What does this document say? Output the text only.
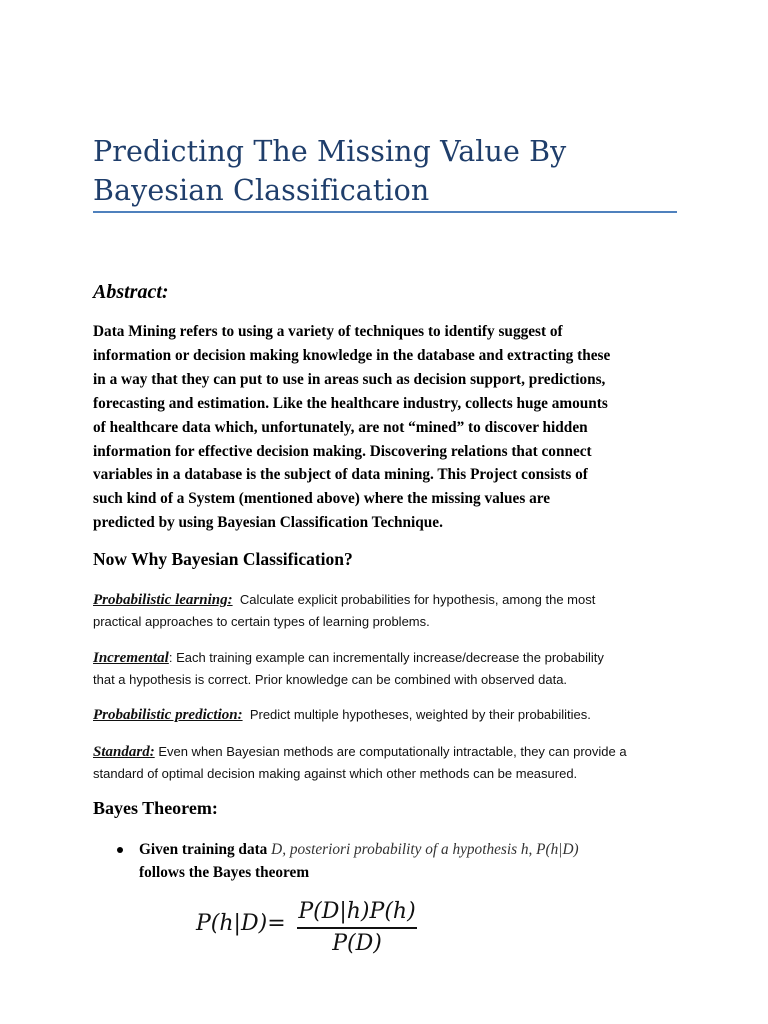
Predicting The Missing Value By
Bayesian Classification
Abstract:
Data Mining refers to using a variety of techniques to identify suggest of
information or decision making knowledge in the database and extracting these
in a way that they can put to use in areas such as decision support, predictions,
forecasting and estimation. Like the healthcare industry, collects huge amounts
of healthcare data which, unfortunately, are not “mined” to discover hidden
information for effective decision making. Discovering relations that connect
variables in a database is the subject of data mining. This Project consists of
such kind of a System (mentioned above) where the missing values are
predicted by using Bayesian Classification Technique.
Now Why Bayesian Classification?
Probabilistic learning: Calculate explicit probabilities for hypothesis, among the most
practical approaches to certain types of learning problems.
Incremental: Each training example can incrementally increase/decrease the probability
that a hypothesis is correct. Prior knowledge can be combined with observed data.
Probabilistic prediction: Predict multiple hypotheses, weighted by their probabilities.
Standard: Even when Bayesian methods are computationally intractable, they can provide a
standard of optimal decision making against which other methods can be measured.
Bayes Theorem:
Given training data D, posteriori probability of a hypothesis h, P(h|D)
follows the Bayes theorem
P(h|D)= P(D|h)P(h)
P(D)
